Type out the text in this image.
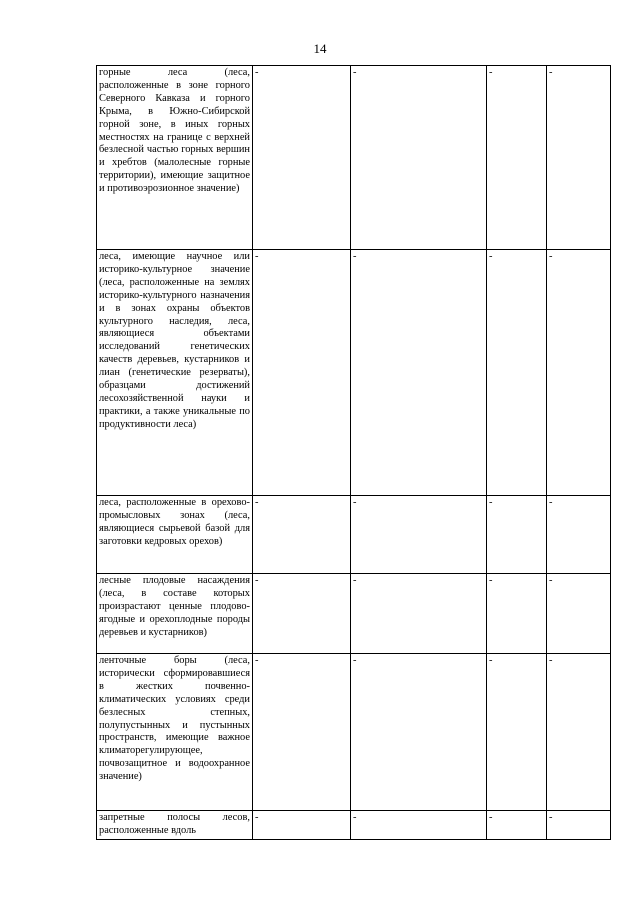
14
горные леса (леса, расположенные в зоне горного Северного Кавказа и горного Крыма, в Южно-Сибирской горной зоне, в иных горных местностях на границе с верхней безлесной частью горных вершин и хребтов (малолесные горные территории), имеющие защитное и противоэрозионное значение)	-	-	-	-
леса, имеющие научное или историко-культурное значение (леса, расположенные на землях историко-культурного назначения и в зонах охраны объектов культурного наследия, леса, являющиеся объектами исследований генетических качеств деревьев, кустарников и лиан (генетические резерваты), образцами достижений лесохозяйственной науки и практики, а также уникальные по продуктивности леса)	-	-	-	-
леса, расположенные в орехово-промысловых зонах (леса, являющиеся сырьевой базой для заготовки кедровых орехов)	-	-	-	-
лесные плодовые насаждения (леса, в составе которых произрастают ценные плодово-ягодные и орехоплодные породы деревьев и кустарников)	-	-	-	-
ленточные боры (леса, исторически сформировавшиеся в жестких почвенно-климатических условиях среди безлесных степных, полупустынных и пустынных пространств, имеющие важное климаторегулирующее, почвозащитное и водоохранное значение)	-	-	-	-
запретные полосы лесов, расположенные вдоль	-	-	-	-
